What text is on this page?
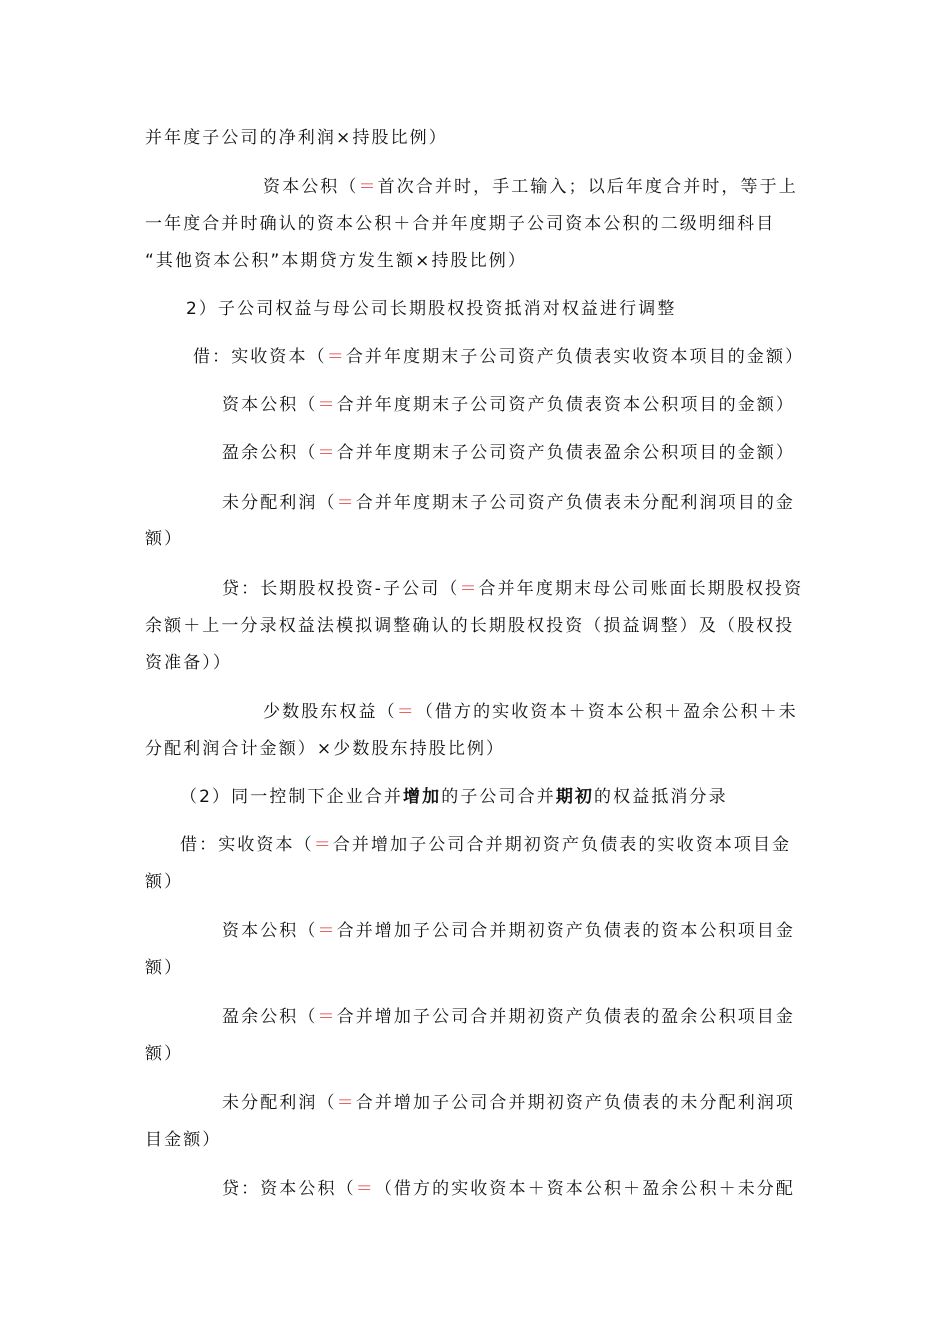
并年度子公司的净利润×持股比例）
资本公积（＝首次合并时，手工输入；以后年度合并时，等于上
一年度合并时确认的资本公积＋合并年度期子公司资本公积的二级明细科目
“其他资本公积”本期贷方发生额×持股比例）
2）子公司权益与母公司长期股权投资抵消对权益进行调整
借：实收资本（＝合并年度期末子公司资产负债表实收资本项目的金额）
资本公积（＝合并年度期末子公司资产负债表资本公积项目的金额）
盈余公积（＝合并年度期末子公司资产负债表盈余公积项目的金额）
未分配利润（＝合并年度期末子公司资产负债表未分配利润项目的金
额）
贷：长期股权投资-子公司（＝合并年度期末母公司账面长期股权投资
余额＋上一分录权益法模拟调整确认的长期股权投资（损益调整）及（股权投
资准备））
少数股东权益（＝（借方的实收资本＋资本公积＋盈余公积＋未
分配利润合计金额）×少数股东持股比例）
（2）同一控制下企业合并增加的子公司合并期初的权益抵消分录
借：实收资本（＝合并增加子公司合并期初资产负债表的实收资本项目金
额）
资本公积（＝合并增加子公司合并期初资产负债表的资本公积项目金
额）
盈余公积（＝合并增加子公司合并期初资产负债表的盈余公积项目金
额）
未分配利润（＝合并增加子公司合并期初资产负债表的未分配利润项
目金额）
贷：资本公积（＝（借方的实收资本＋资本公积＋盈余公积＋未分配
